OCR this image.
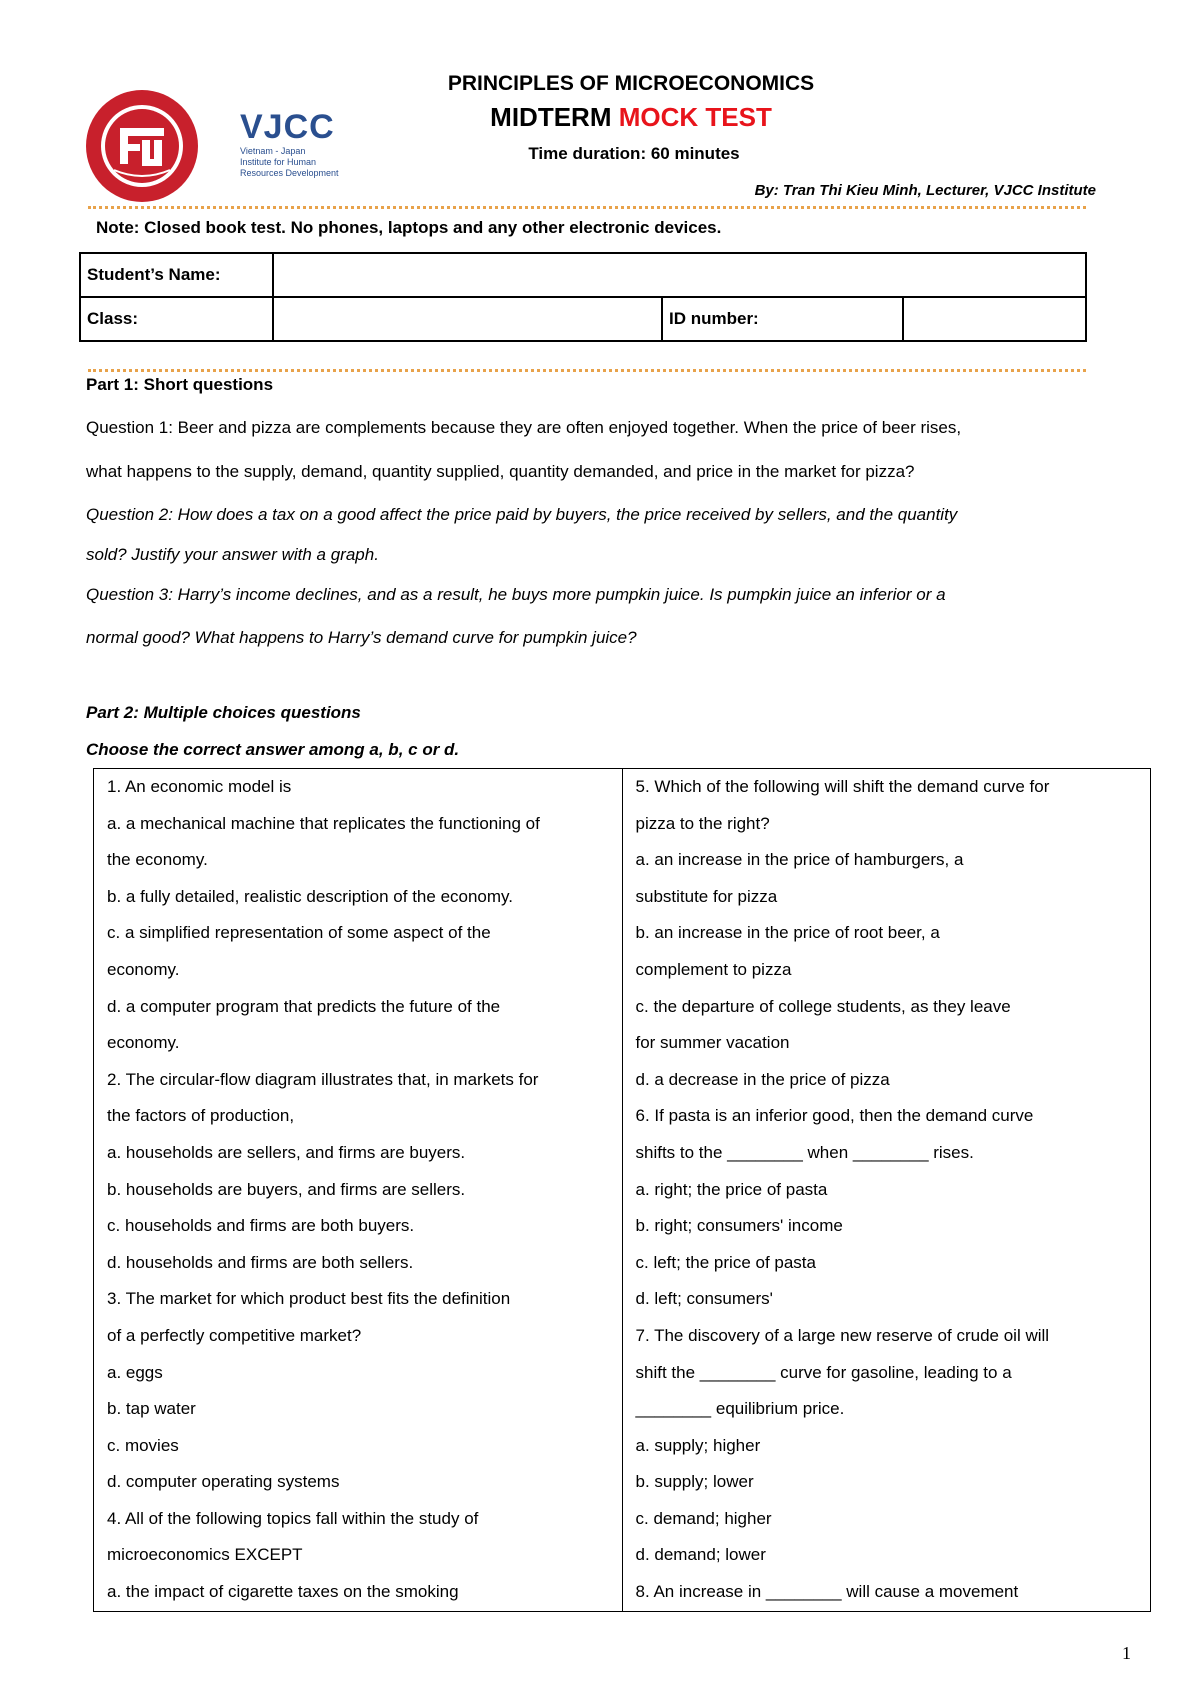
VJCC
Vietnam - Japan
Institute for Human
Resources Development
PRINCIPLES OF MICROECONOMICS
MIDTERM MOCK TEST
Time duration: 60 minutes
By: Tran Thi Kieu Minh, Lecturer, VJCC Institute
Note: Closed book test. No phones, laptops and any other electronic devices.
Student’s Name:			
Class:		ID number:	
Part 1: Short questions
Question 1: Beer and pizza are complements because they are often enjoyed together. When the price of beer rises,
what happens to the supply, demand, quantity supplied, quantity demanded, and price in the market for pizza?
Question 2: How does a tax on a good affect the price paid by buyers, the price received by sellers, and the quantity
sold? Justify your answer with a graph.
Question 3: Harry’s income declines, and as a result, he buys more pumpkin juice. Is pumpkin juice an inferior or a
normal good? What happens to Harry’s demand curve for pumpkin juice?
Part 2: Multiple choices questions
Choose the correct answer among a, b, c or d.
1. An economic model is
a. a mechanical machine that replicates the functioning of
the economy.
b. a fully detailed, realistic description of the economy.
c. a simplified representation of some aspect of the
economy.
d. a computer program that predicts the future of the
economy.
2. The circular-flow diagram illustrates that, in markets for
the factors of production,
a. households are sellers, and firms are buyers.
b. households are buyers, and firms are sellers.
c. households and firms are both buyers.
d. households and firms are both sellers.
3. The market for which product best fits the definition
of a perfectly competitive market?
a. eggs
b. tap water
c. movies
d. computer operating systems
4. All of the following topics fall within the study of
microeconomics EXCEPT
a. the impact of cigarette taxes on the smoking

5. Which of the following will shift the demand curve for
pizza to the right?
a. an increase in the price of hamburgers, a
substitute for pizza
b. an increase in the price of root beer, a
complement to pizza
c. the departure of college students, as they leave
for summer vacation
d. a decrease in the price of pizza
6. If pasta is an inferior good, then the demand curve
shifts to the ________ when ________ rises.
a. right; the price of pasta
b. right; consumers' income
c. left; the price of pasta
d. left; consumers'
7. The discovery of a large new reserve of crude oil will
shift the ________ curve for gasoline, leading to a
________ equilibrium price.
a. supply; higher
b. supply; lower
c. demand; higher
d. demand; lower
8. An increase in ________ will cause a movement
1
